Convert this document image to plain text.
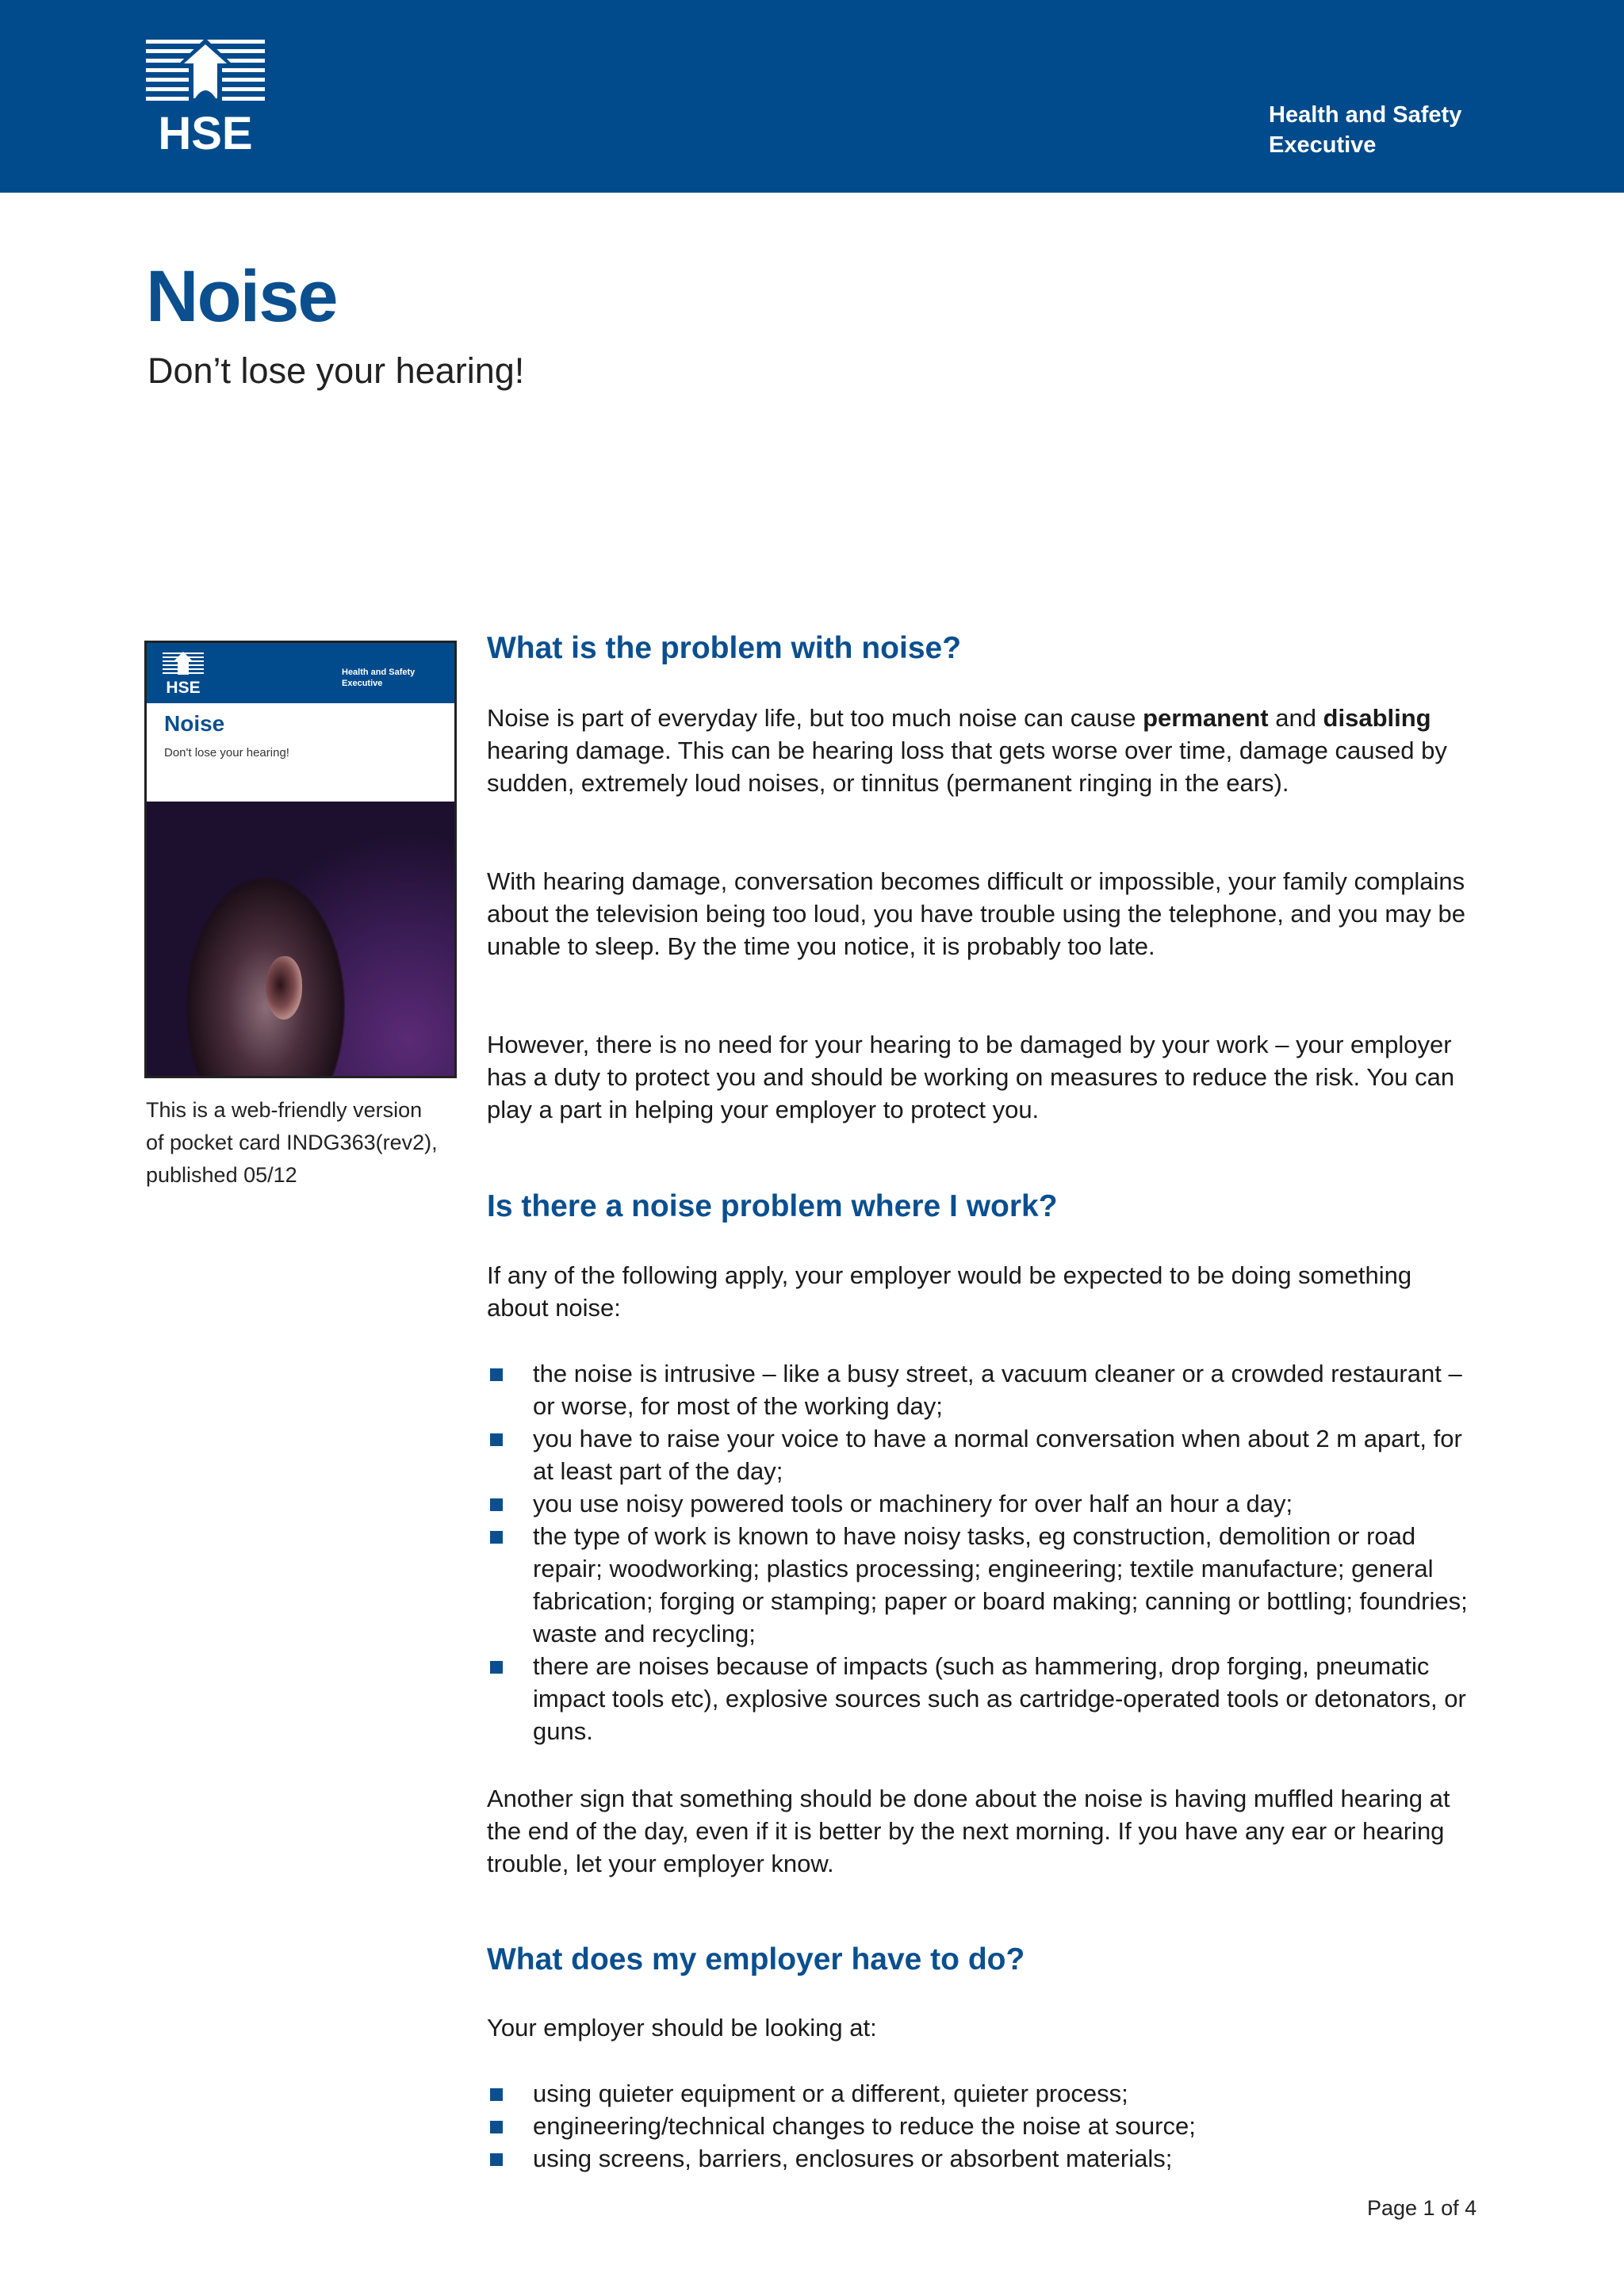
HSE	Health and Safety
Executive
Noise

Don’t lose your hearing!

HSE
Health and Safety
Executive
Noise
Don't lose your hearing!
This is a web-friendly version
of pocket card INDG363(rev2),
published 05/12
What is the problem with noise?

Noise is part of everyday life, but too much noise can cause permanent and disabling hearing damage. This can be hearing loss that gets worse over time, damage caused by sudden, extremely loud noises, or tinnitus (permanent ringing in the ears).

With hearing damage, conversation becomes difficult or impossible, your family complains about the television being too loud, you have trouble using the telephone, and you may be unable to sleep. By the time you notice, it is probably too late.

However, there is no need for your hearing to be damaged by your work – your employer has a duty to protect you and should be working on measures to reduce the risk. You can play a part in helping your employer to protect you.

Is there a noise problem where I work?

If any of the following apply, your employer would be expected to be doing something about noise:

the noise is intrusive – like a busy street, a vacuum cleaner or a crowded restaurant – or worse, for most of the working day;
you have to raise your voice to have a normal conversation when about 2 m apart, for at least part of the day;
you use noisy powered tools or machinery for over half an hour a day;
the type of work is known to have noisy tasks, eg construction, demolition or road repair; woodworking; plastics processing; engineering; textile manufacture; general fabrication; forging or stamping; paper or board making; canning or bottling; foundries; waste and recycling;
there are noises because of impacts (such as hammering, drop forging, pneumatic impact tools etc), explosive sources such as cartridge-operated tools or detonators, or guns.

Another sign that something should be done about the noise is having muffled hearing at the end of the day, even if it is better by the next morning. If you have any ear or hearing trouble, let your employer know.

What does my employer have to do?

Your employer should be looking at:

using quieter equipment or a different, quieter process;
engineering/technical changes to reduce the noise at source;
using screens, barriers, enclosures or absorbent materials;
Page 1 of 4
